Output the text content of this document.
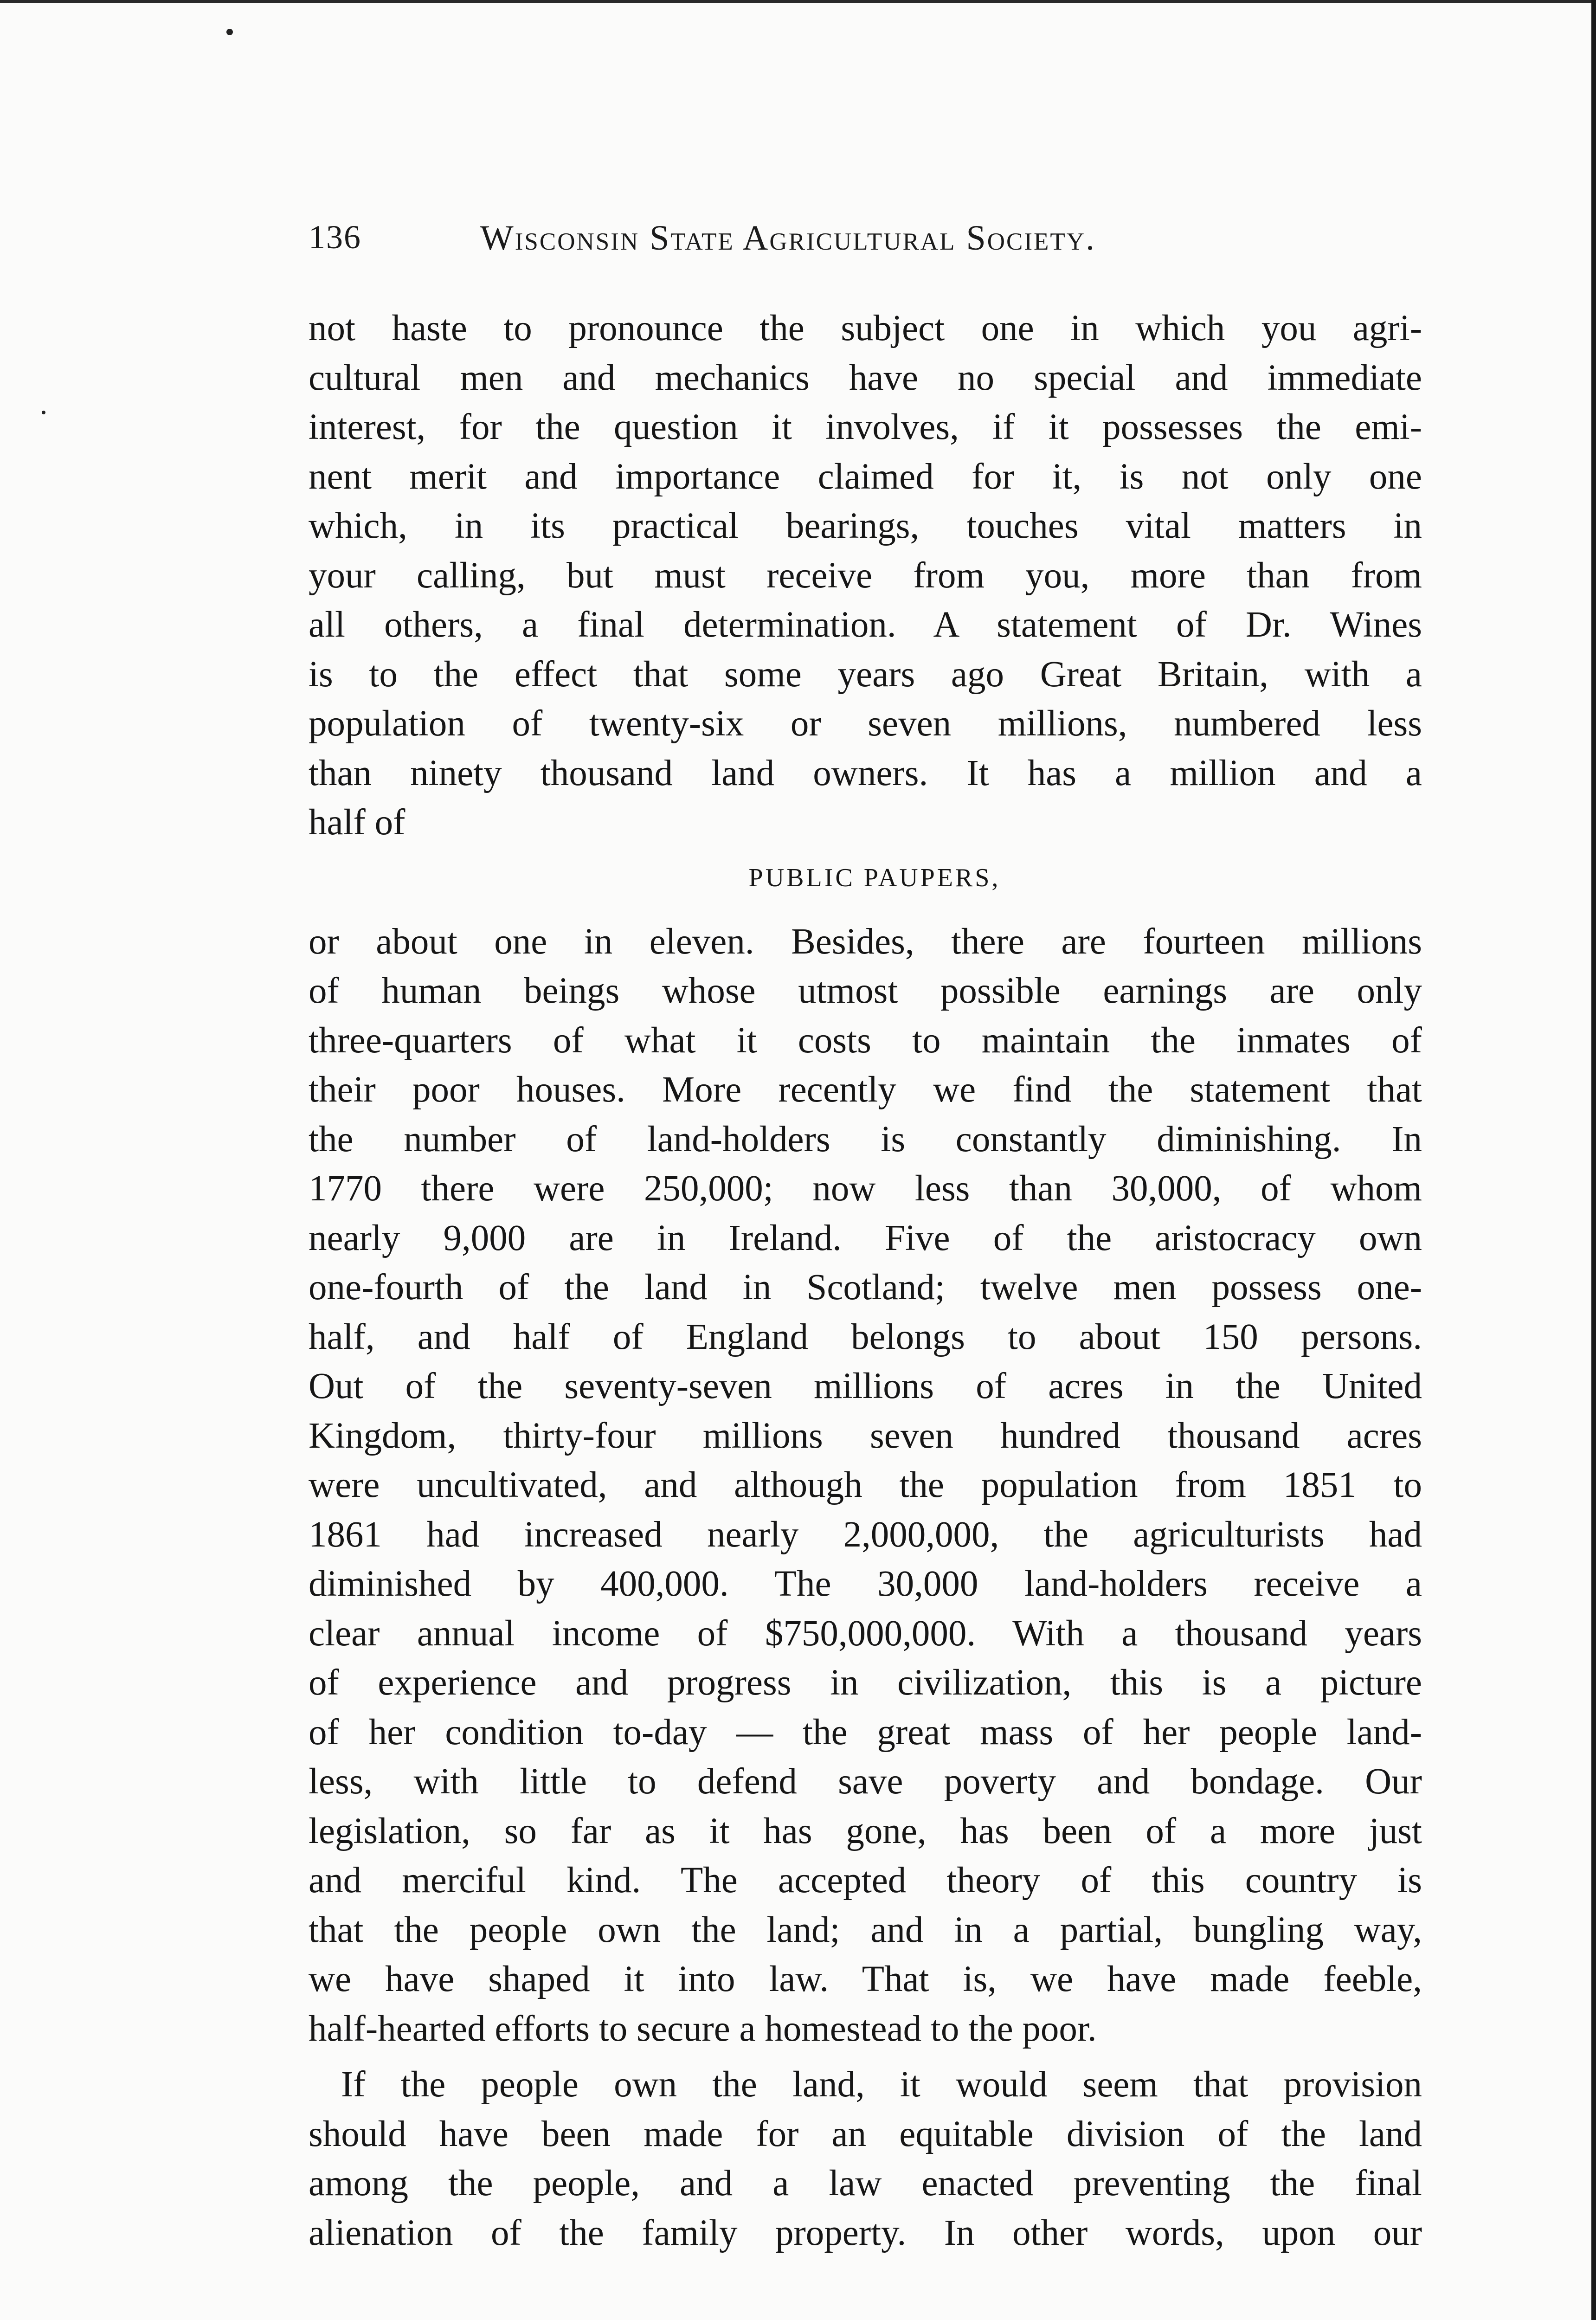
136	Wisconsin State Agricultural Society.
not haste to pronounce the subject one in which you agri-
cultural men and mechanics have no special and immediate
interest, for the question it involves, if it possesses the emi-
nent merit and importance claimed for it, is not only one
which, in its practical bearings, touches vital matters in
your calling, but must receive from you, more than from
all others, a final determination. A statement of Dr. Wines
is to the effect that some years ago Great Britain, with a
population of twenty-six or seven millions, numbered less
than ninety thousand land owners. It has a million and a
half of
PUBLIC PAUPERS,
or about one in eleven. Besides, there are fourteen millions
of human beings whose utmost possible earnings are only
three-quarters of what it costs to maintain the inmates of
their poor houses. More recently we find the statement that
the number of land-holders is constantly diminishing. In
1770 there were 250,000; now less than 30,000, of whom
nearly 9,000 are in Ireland. Five of the aristocracy own
one-fourth of the land in Scotland; twelve men possess one-
half, and half of England belongs to about 150 persons.
Out of the seventy-seven millions of acres in the United
Kingdom, thirty-four millions seven hundred thousand acres
were uncultivated, and although the population from 1851 to
1861 had increased nearly 2,000,000, the agriculturists had
diminished by 400,000. The 30,000 land-holders receive a
clear annual income of $750,000,000. With a thousand years
of experience and progress in civilization, this is a picture
of her condition to-day — the great mass of her people land-
less, with little to defend save poverty and bondage. Our
legislation, so far as it has gone, has been of a more just
and merciful kind. The accepted theory of this country is
that the people own the land; and in a partial, bungling way,
we have shaped it into law. That is, we have made feeble,
half-hearted efforts to secure a homestead to the poor.
If the people own the land, it would seem that provision
should have been made for an equitable division of the land
among the people, and a law enacted preventing the final
alienation of the family property. In other words, upon our
